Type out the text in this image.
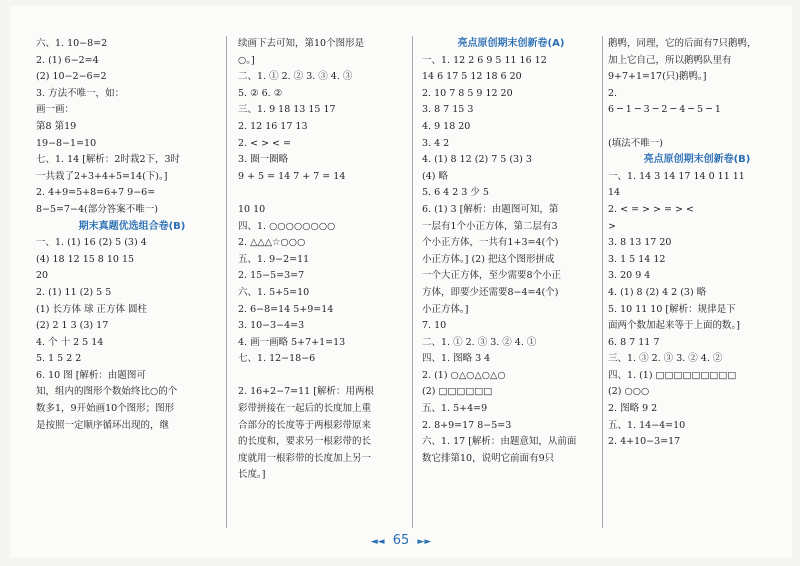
六、1. 10−8=2
2. (1) 6−2=4
(2) 10−2−6=2
3. 方法不唯一，如：
画一画：
第8 第19
19−8−1=10
七、1. 14 [解析：2时栽2下，3时
一共栽了2+3+4+5=14(下)。]
2. 4+9=5+8=6+7 9−6=
8−5=7−4(部分答案不唯一)
期末真题优选组合卷(B)
一、1. (1) 16 (2) 5 (3) 4
(4) 18 12 15 8 10 15
20
2. (1) 11 (2) 5 5
(1) 长方体 球 正方体 圆柱
(2) 2 1 3 (3) 17
4. 个 十 2 5 14
5. 1 5 2 2
6. 10 图 [解析：由题图可
知，组内的图形个数始终比○的个
数多1，9开始画10个图形；图形
是按照一定顺序循环出现的，继
续画下去可知，第10个图形是
○。]
二、1. ① 2. ② 3. ③ 4. ③
5. ② 6. ②
三、1. 9 18 13 15 17
2. 12 16 17 13
2. < > < =
3. 圈一圈略
9 + 5 = 14 7 + 7 = 14

10 10
四、1. ○○○○○○○○
2. △△△☆○○○
五、1. 9−2=11
2. 15−5=3=7
六、1. 5+5=10
2. 6−8=14 5+9=14
3. 10−3−4=3
4. 画一画略 5+7+1=13
七、1. 12−18−6

2. 16+2−7=11 [解析：用两根
彩带拼接在一起后的长度加上重
合部分的长度等于两根彩带原来
的长度和，要求另一根彩带的长
度就用一根彩带的长度加上另一
长度。]
亮点原创期末创新卷(A)
一、1. 12 2 6 9 5 11 16 12
14 6 17 5 12 18 6 20
2. 10 7 8 5 9 12 20
3. 8 7 15 3
4. 9 18 20
3. 4 2
4. (1) 8 12 (2) 7 5 (3) 3
(4) 略
5. 6 4 2 3 少 5
6. (1) 3 [解析：由题图可知，第
一层有1个小正方体，第二层有3
个小正方体，一共有1+3=4(个)
小正方体。] (2) 把这个图形拼成
一个大正方体，至少需要8个小正
方体，即要少还需要8−4=4(个)
小正方体。]
7. 10
二、1. ① 2. ③ 3. ② 4. ①
四、1. 图略 3 4
2. (1) ○△○△○△○
(2) □□□□□□
五、1. 5+4=9
2. 8+9=17 8−5=3
六、1. 17 [解析：由题意知，从前面
数它排第10，说明它前面有9只
鹅鸭，同理，它的后面有7只鹅鸭，
加上它自己，所以鹅鸭队里有
9+7+1=17(只)鹅鸭。]
2.
6 ─ 1 ─ 3 ─ 2 ─ 4 ─ 5 ─ 1

(填法不唯一)
亮点原创期末创新卷(B)
一、1. 14 3 14 17 14 0 11 11
14
2. < = > > = > <
>
3. 8 13 17 20
3. 1 5 14 12
3. 20 9 4
4. (1) 8 (2) 4 2 (3) 略
5. 10 11 10 [解析：规律是下
面两个数加起来等于上面的数。]
6. 8 7 11 7
三、1. ③ 2. ③ 3. ② 4. ②
四、1. (1) □□□□□□□□□
(2) ○○○
2. 图略 9 2
五、1. 14−4=10
2. 4+10−3=17
◄◄ 65 ►►
